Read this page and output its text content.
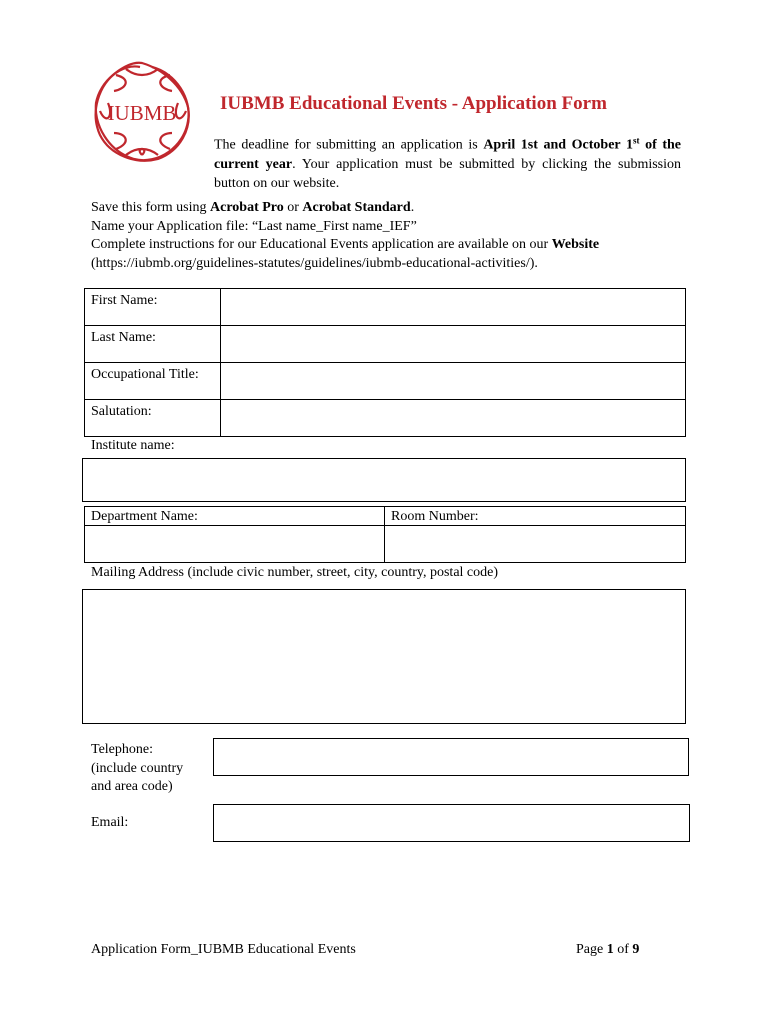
IUBMB IUBMB Educational Events - Application Form
The deadline for submitting an application is April 1st and October 1st of the current year. Your application must be submitted by clicking the submission button on our website.
Save this form using Acrobat Pro or Acrobat Standard.
Name your Application file: “Last name_First name_IEF”
Complete instructions for our Educational Events application are available on our Website
(https://iubmb.org/guidelines-statutes/guidelines/iubmb-educational-activities/).
First Name:	
Last Name:	
Occupational Title:	
Salutation:	
Institute name:
Department Name:	Room Number:

Mailing Address (include civic number, street, city, country, postal code)
Telephone:
(include country
and area code)
Email:
Application Form_IUBMB Educational Events	Page 1 of 9
